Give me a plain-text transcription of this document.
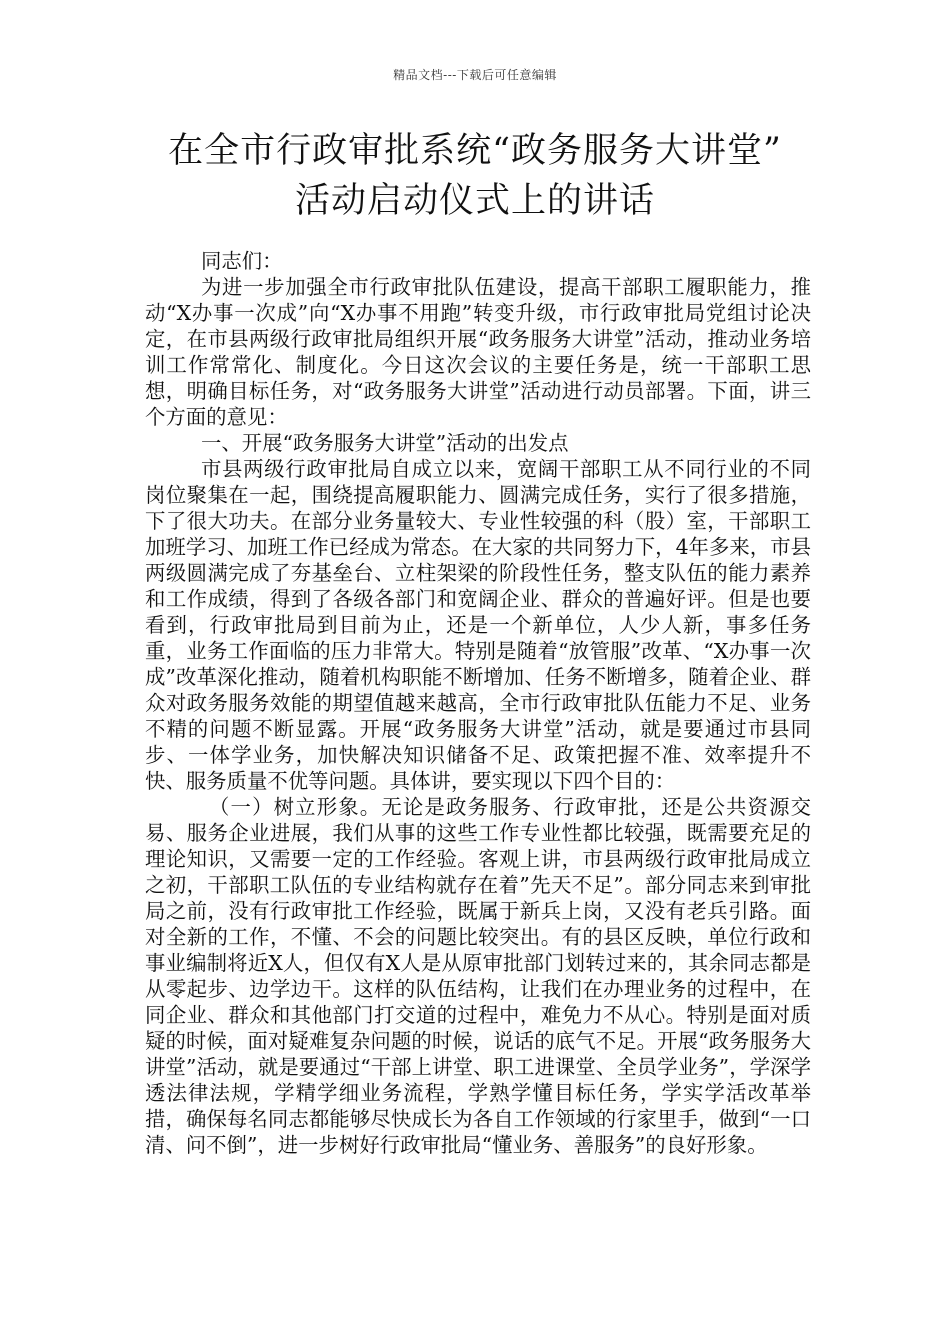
精品文档---下载后可任意编辑
在全市行政审批系统“政务服务大讲堂”
活动启动仪式上的讲话

同志们：

为进一步加强全市行政审批队伍建设，提高干部职工履职能力，推动“X办事一次成”向“X办事不用跑”转变升级，市行政审批局党组讨论决定，在市县两级行政审批局组织开展“政务服务大讲堂”活动，推动业务培训工作常常化、制度化。今日这次会议的主要任务是，统一干部职工思想，明确目标任务，对“政务服务大讲堂”活动进行动员部署。下面，讲三个方面的意见：

一、开展“政务服务大讲堂”活动的出发点

市县两级行政审批局自成立以来，宽阔干部职工从不同行业的不同岗位聚集在一起，围绕提高履职能力、圆满完成任务，实行了很多措施，下了很大功夫。在部分业务量较大、专业性较强的科（股）室，干部职工加班学习、加班工作已经成为常态。在大家的共同努力下，4年多来，市县两级圆满完成了夯基垒台、立柱架梁的阶段性任务，整支队伍的能力素养和工作成绩，得到了各级各部门和宽阔企业、群众的普遍好评。但是也要看到，行政审批局到目前为止，还是一个新单位，人少人新，事多任务重，业务工作面临的压力非常大。特别是随着“放管服”改革、“X办事一次成”改革深化推动，随着机构职能不断增加、任务不断增多，随着企业、群众对政务服务效能的期望值越来越高，全市行政审批队伍能力不足、业务不精的问题不断显露。开展“政务服务大讲堂”活动，就是要通过市县同步、一体学业务，加快解决知识储备不足、政策把握不准、效率提升不快、服务质量不优等问题。具体讲，要实现以下四个目的：

（一）树立形象。无论是政务服务、行政审批，还是公共资源交易、服务企业进展，我们从事的这些工作专业性都比较强，既需要充足的理论知识，又需要一定的工作经验。客观上讲，市县两级行政审批局成立之初，干部职工队伍的专业结构就存在着”先天不足”。部分同志来到审批局之前，没有行政审批工作经验，既属于新兵上岗，又没有老兵引路。面对全新的工作，不懂、不会的问题比较突出。有的县区反映，单位行政和事业编制将近X人，但仅有X人是从原审批部门划转过来的，其余同志都是从零起步、边学边干。这样的队伍结构，让我们在办理业务的过程中，在同企业、群众和其他部门打交道的过程中，难免力不从心。特别是面对质疑的时候，面对疑难复杂问题的时候，说话的底气不足。开展“政务服务大讲堂”活动，就是要通过“干部上讲堂、职工进课堂、全员学业务”，学深学透法律法规，学精学细业务流程，学熟学懂目标任务，学实学活改革举措，确保每名同志都能够尽快成长为各自工作领域的行家里手，做到“一口清、问不倒”，进一步树好行政审批局“懂业务、善服务”的良好形象。
